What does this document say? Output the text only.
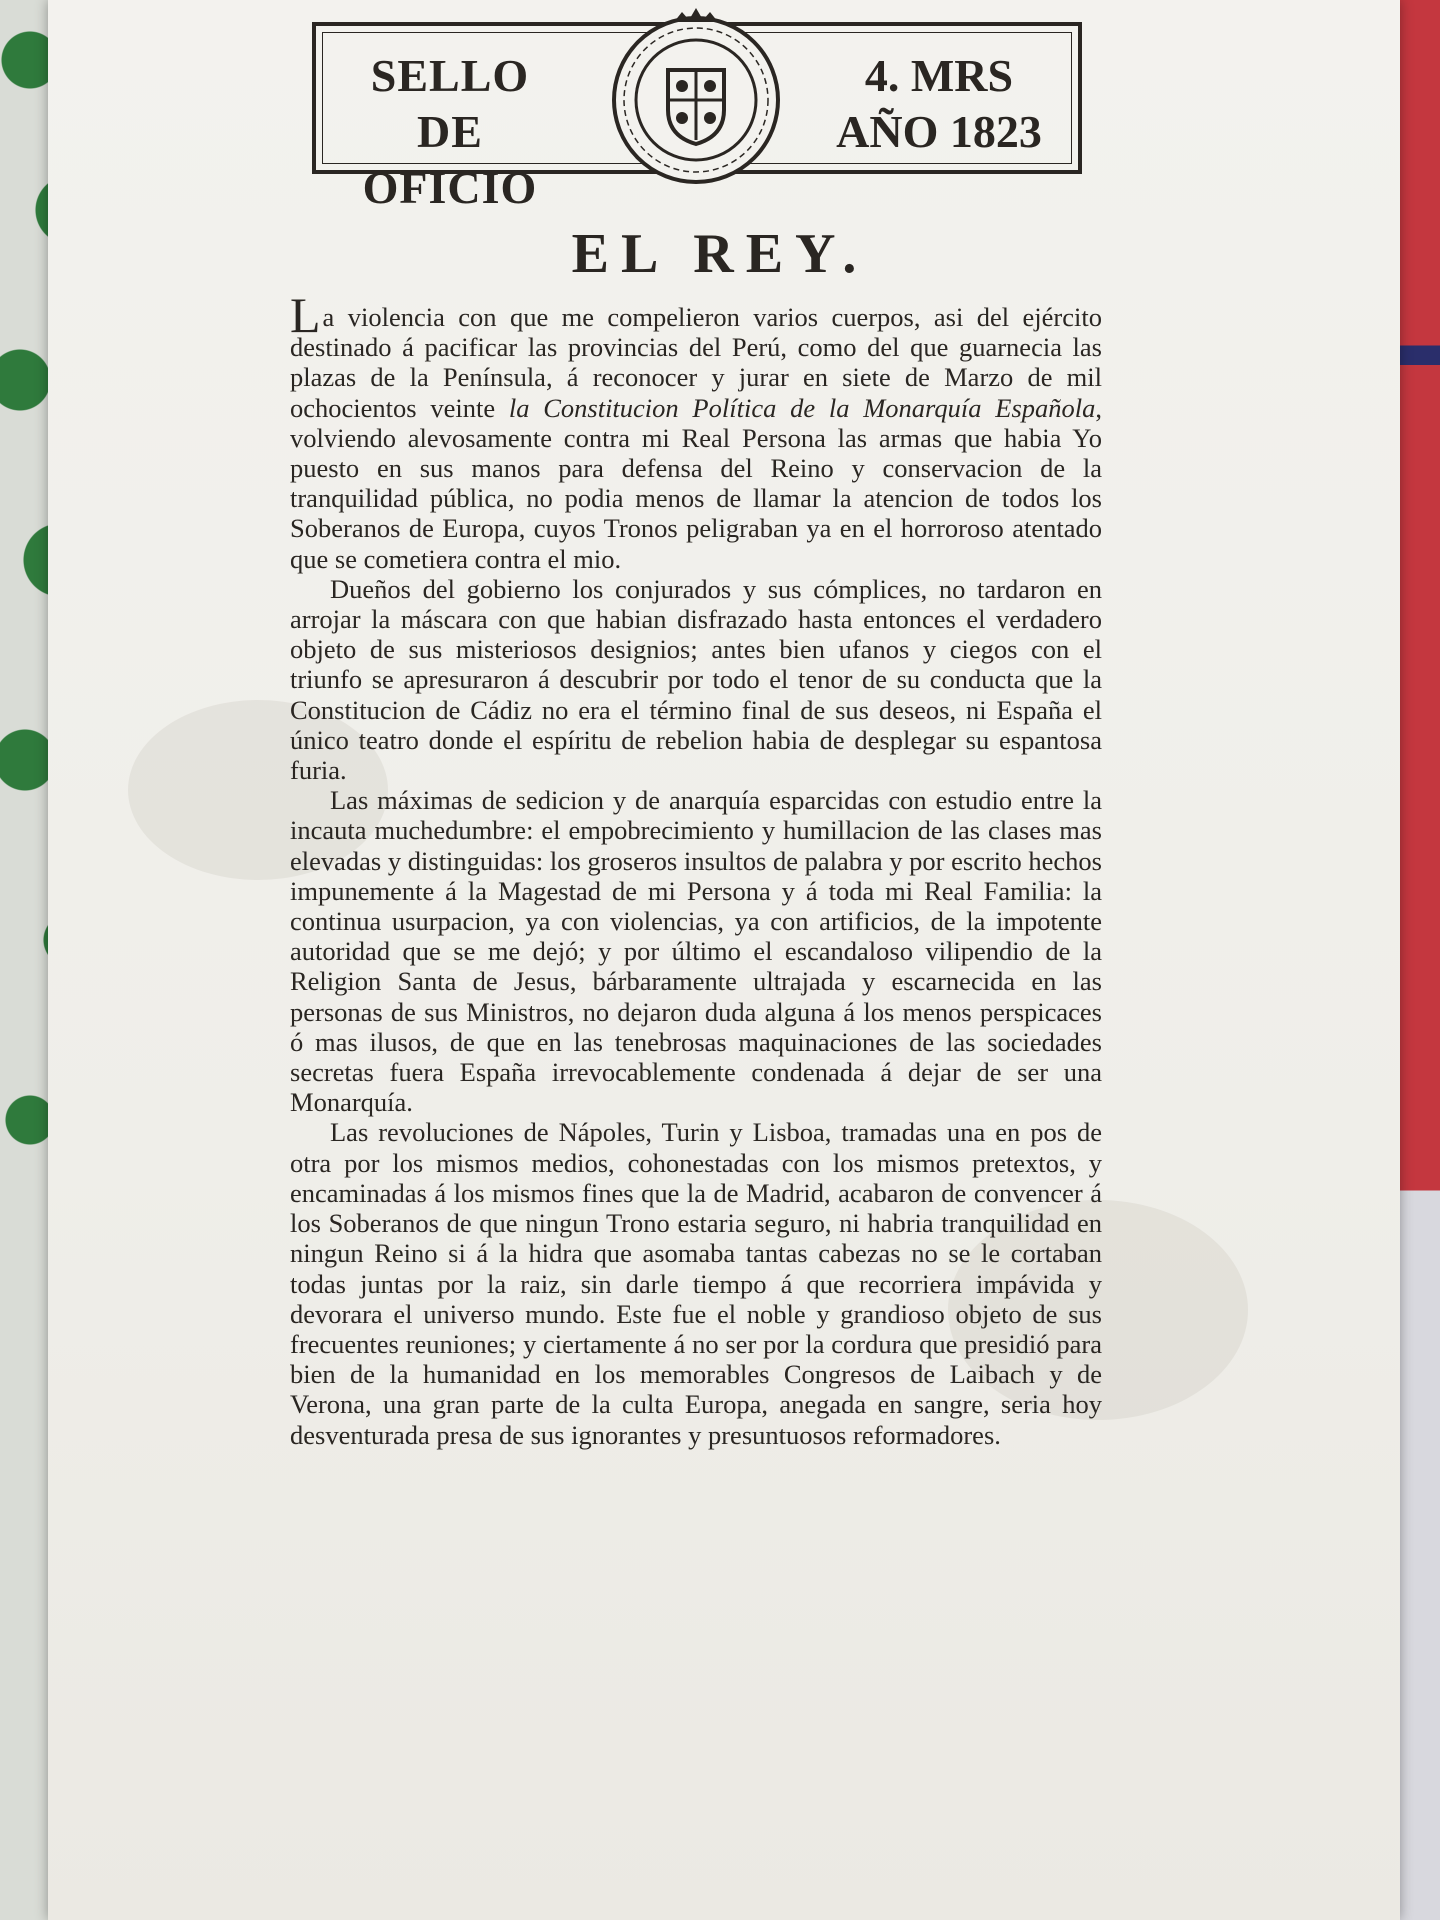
SELLO DE
OFICIO
4. MRS
AÑO 1823
EL REY.

La violencia con que me compelieron varios cuerpos, asi del ejército destinado á pacificar las provincias del Perú, como del que guarnecia las plazas de la Península, á reconocer y jurar en siete de Marzo de mil ochocientos veinte la Constitucion Política de la Monarquía Española, volviendo alevosamente contra mi Real Persona las armas que habia Yo puesto en sus manos para defensa del Reino y conservacion de la tranquilidad pública, no podia menos de llamar la atencion de todos los Soberanos de Europa, cuyos Tronos peligraban ya en el horroroso atentado que se cometiera contra el mio.

Dueños del gobierno los conjurados y sus cómplices, no tardaron en arrojar la máscara con que habian disfrazado hasta entonces el verdadero objeto de sus misteriosos designios; antes bien ufanos y ciegos con el triunfo se apresuraron á descubrir por todo el tenor de su conducta que la Constitucion de Cádiz no era el término final de sus deseos, ni España el único teatro donde el espíritu de rebelion habia de desplegar su espantosa furia.

Las máximas de sedicion y de anarquía esparcidas con estudio entre la incauta muchedumbre: el empobrecimiento y humillacion de las clases mas elevadas y distinguidas: los groseros insultos de palabra y por escrito hechos impunemente á la Magestad de mi Persona y á toda mi Real Familia: la continua usurpacion, ya con violencias, ya con artificios, de la impotente autoridad que se me dejó; y por último el escandaloso vilipendio de la Religion Santa de Jesus, bárbaramente ultrajada y escarnecida en las personas de sus Ministros, no dejaron duda alguna á los menos perspicaces ó mas ilusos, de que en las tenebrosas maquinaciones de las sociedades secretas fuera España irrevocablemente condenada á dejar de ser una Monarquía.

Las revoluciones de Nápoles, Turin y Lisboa, tramadas una en pos de otra por los mismos medios, cohonestadas con los mismos pretextos, y encaminadas á los mismos fines que la de Madrid, acabaron de convencer á los Soberanos de que ningun Trono estaria seguro, ni habria tranquilidad en ningun Reino si á la hidra que asomaba tantas cabezas no se le cortaban todas juntas por la raiz, sin darle tiempo á que recorriera impávida y devorara el universo mundo. Este fue el noble y grandioso objeto de sus frecuentes reuniones; y ciertamente á no ser por la cordura que presidió para bien de la humanidad en los memorables Congresos de Laibach y de Verona, una gran parte de la culta Europa, anegada en sangre, seria hoy desventurada presa de sus ignorantes y presuntuosos reformadores.
